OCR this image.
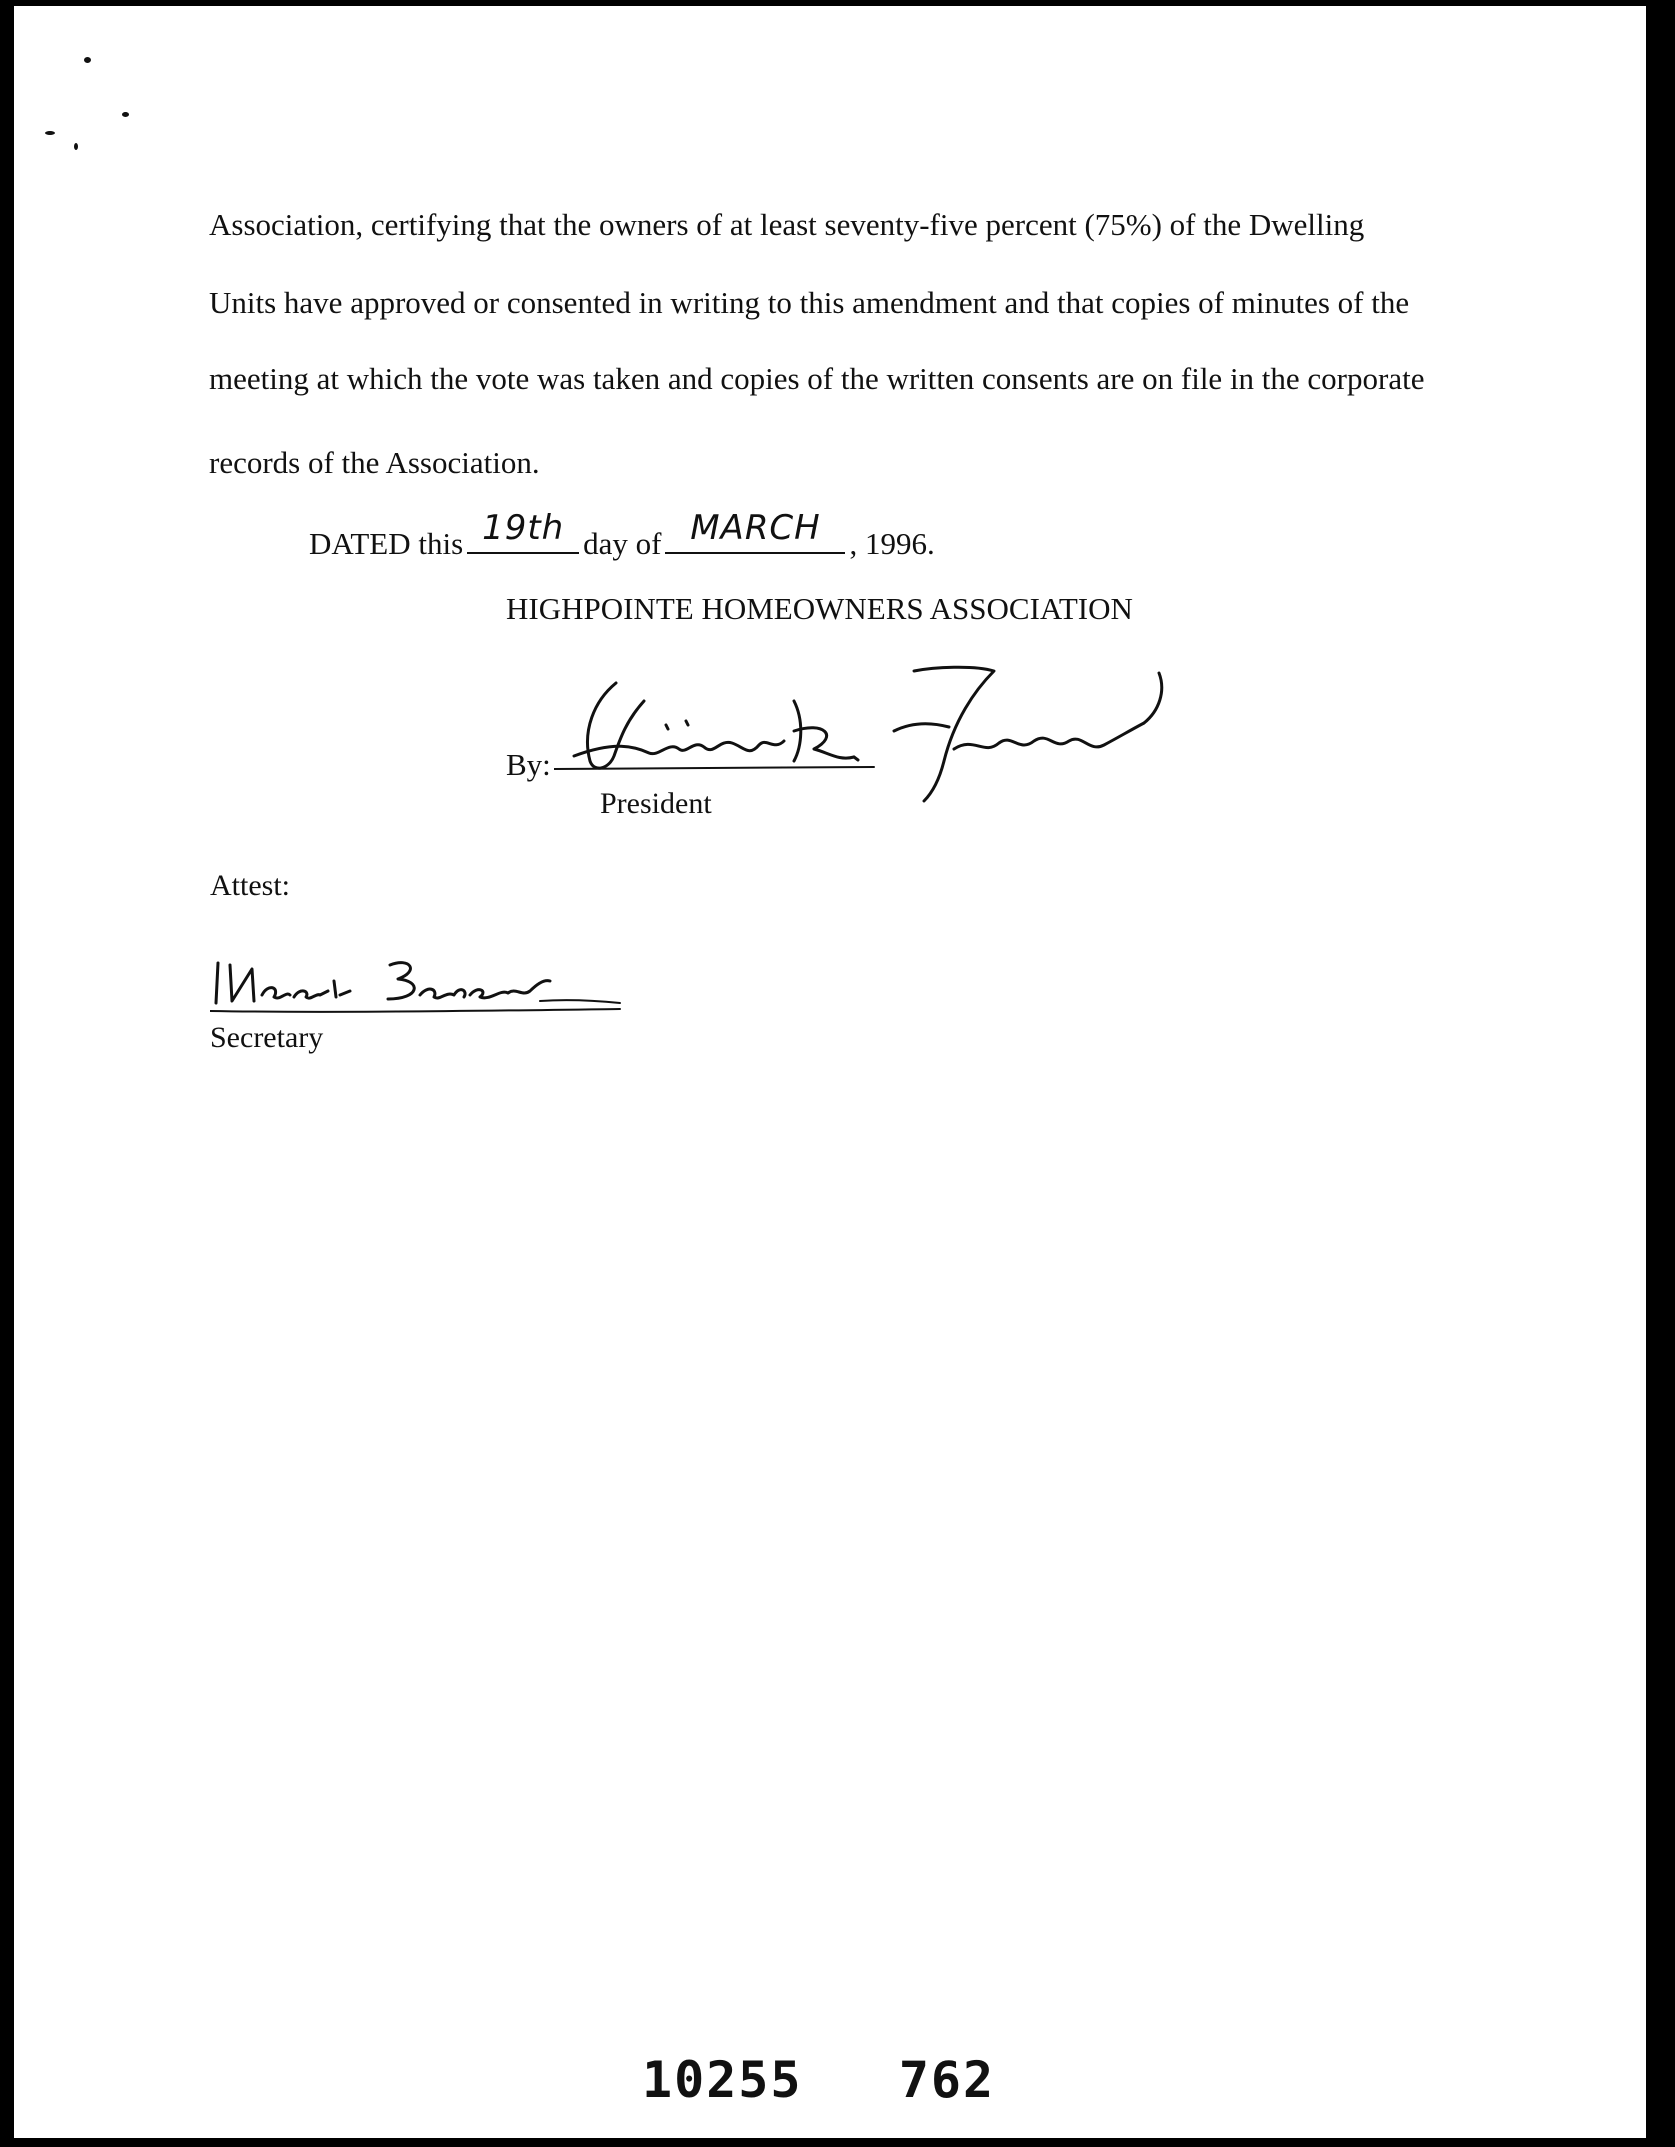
Association, certifying that the owners of at least seventy-five percent (75%) of the Dwelling
Units have approved or consented in writing to this amendment and that copies of minutes of the
meeting at which the vote was taken and copies of the written consents are on file in the corporate
records of the Association.
DATED this 19th day of MARCH , 1996.
HIGHPOINTE HOMEOWNERS ASSOCIATION
By:
President
Attest:
Secretary
10255   762
